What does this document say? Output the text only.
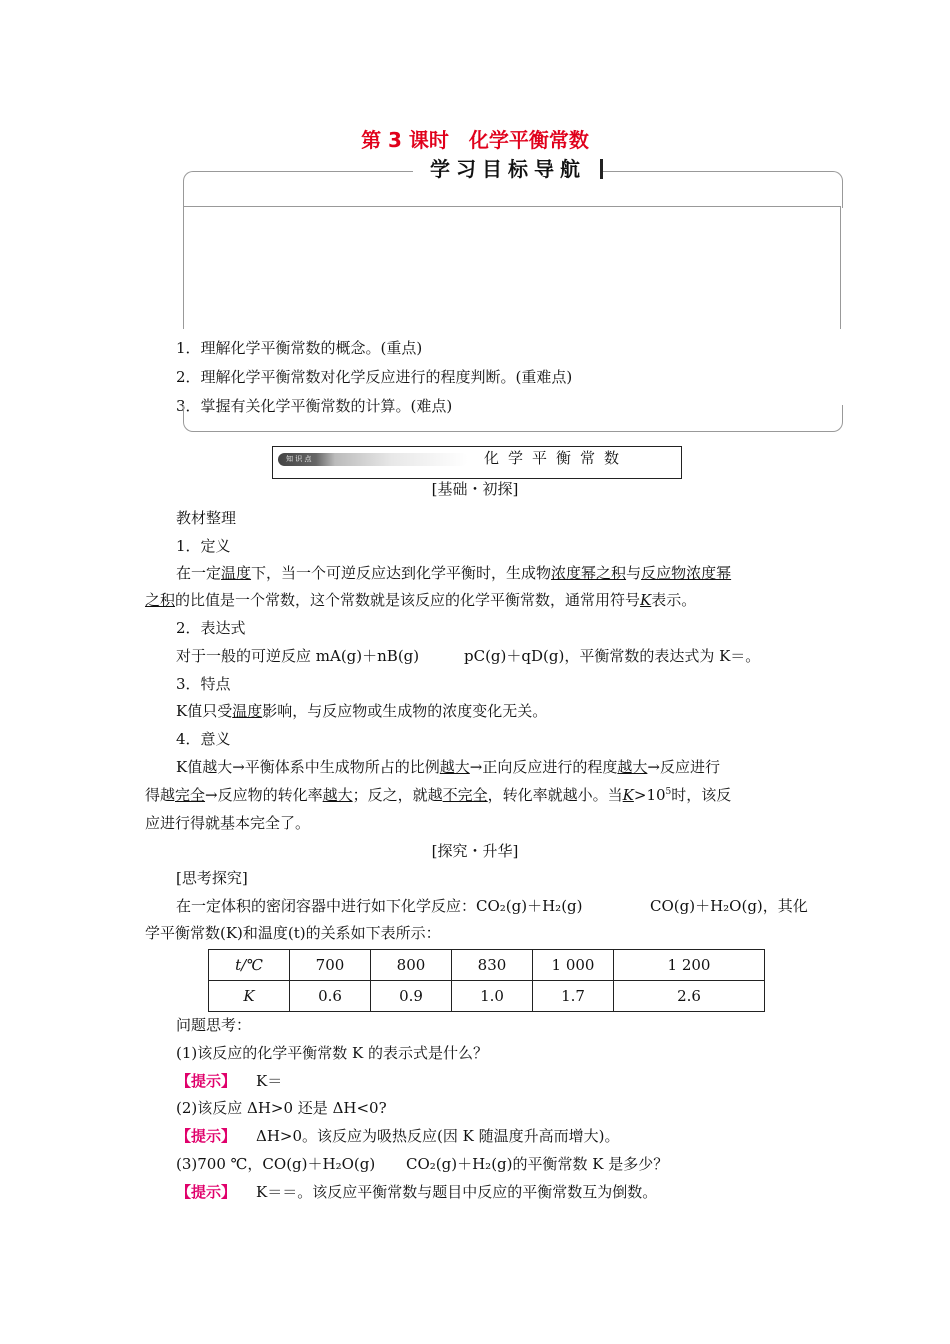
第 3 课时　化学平衡常数
学习目标导航
1．理解化学平衡常数的概念。(重点)
2．理解化学平衡常数对化学反应进行的程度判断。(重难点)
3．掌握有关化学平衡常数的计算。(难点)
知 识 点	化学平衡常数
[基础・初探]
教材整理
1．定义
在一定温度下，当一个可逆反应达到化学平衡时，生成物浓度幂之积与反应物浓度幂
之积的比值是一个常数，这个常数就是该反应的化学平衡常数，通常用符号K表示。
2．表达式
对于一般的可逆反应 mA(g)＋nB(g)	pC(g)＋qD(g)，平衡常数的表达式为 K＝。
3．特点
K值只受温度影响，与反应物或生成物的浓度变化无关。
4．意义
K值越大→平衡体系中生成物所占的比例越大→正向反应进行的程度越大→反应进行
得越完全→反应物的转化率越大；反之，就越不完全，转化率就越小。当$K>10^5$时，该反
应进行得就基本完全了。
[探究・升华]
[思考探究]
在一定体积的密闭容器中进行如下化学反应：CO₂(g)＋H₂(g)	CO(g)＋H₂O(g)，其化
学平衡常数(K)和温度(t)的关系如下表所示：
t/℃	700	800	830	1 000	1 200
K	0.6	0.9	1.0	1.7	2.6
问题思考：
(1)该反应的化学平衡常数 K 的表示式是什么？
【提示】 K＝
(2)该反应 ΔH>0 还是 ΔH<0?
【提示】 ΔH>0。该反应为吸热反应(因 K 随温度升高而增大)。
(3)700 ℃，CO(g)＋H₂O(g) CO₂(g)＋H₂(g)的平衡常数 K 是多少？
【提示】 K＝＝。该反应平衡常数与题目中反应的平衡常数互为倒数。
